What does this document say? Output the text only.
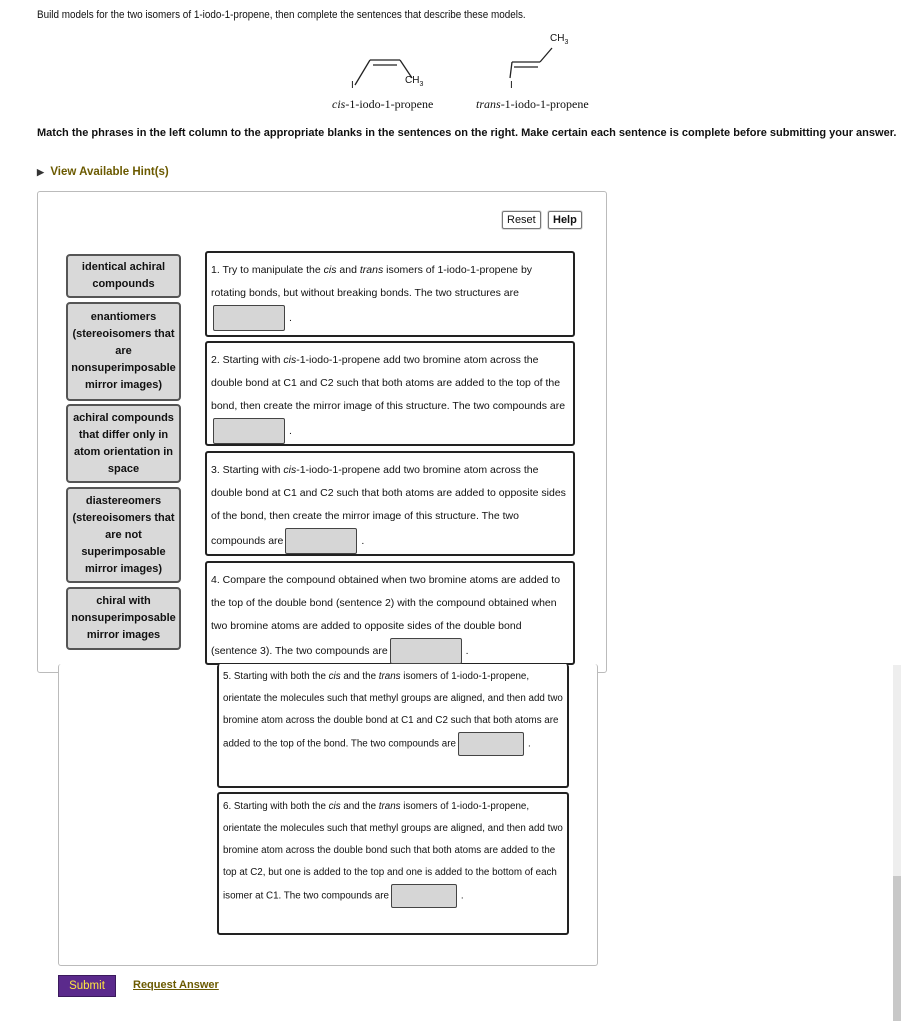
Build models for the two isomers of 1-iodo-1-propene, then complete the sentences that describe these models.
I	$CH_3$	I
$CH_3$
cis-1-iodo-1-propene	trans-1-iodo-1-propene
Match the phrases in the left column to the appropriate blanks in the sentences on the right. Make certain each sentence is complete before submitting your answer.
▶ View Available Hint(s)
Reset	Help
identical achiral compounds
enantiomers (stereoisomers that are nonsuperimposable mirror images)
achiral compounds that differ only in atom orientation in space
diastereomers (stereoisomers that are not superimposable mirror images)
chiral with nonsuperimposable mirror images
1. Try to manipulate the cis and trans isomers of 1-iodo-1-propene by rotating bonds, but without breaking bonds. The two structures are
.
2. Starting with cis-1-iodo-1-propene add two bromine atom across the double bond at C1 and C2 such that both atoms are added to the top of the bond, then create the mirror image of this structure. The two compounds are.
3. Starting with cis-1-iodo-1-propene add two bromine atom across the double bond at C1 and C2 such that both atoms are added to opposite sides of the bond, then create the mirror image of this structure. The two compounds are	.
4. Compare the compound obtained when two bromine atoms are added to the top of the double bond (sentence 2) with the compound obtained when two bromine atoms are added to opposite sides of the double bond (sentence 3). The two compounds are	.
5. Starting with both the cis and the trans isomers of 1-iodo-1-propene, orientate the molecules such that methyl groups are aligned, and then add two bromine atom across the double bond at C1 and C2 such that both atoms are added to the top of the bond. The two compounds are	.
6. Starting with both the cis and the trans isomers of 1-iodo-1-propene, orientate the molecules such that methyl groups are aligned, and then add two bromine atom across the double bond such that both atoms are added to the top at C2, but one is added to the top and one is added to the bottom of each isomer at C1. The two compounds are	.
Submit	Request Answer
